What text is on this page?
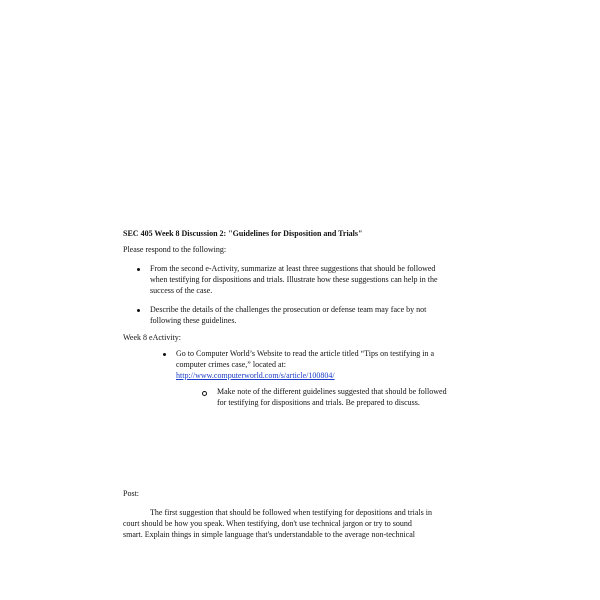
SEC 405 Week 8 Discussion 2: "Guidelines for Disposition and Trials"
Please respond to the following:
From the second e-Activity, summarize at least three suggestions that should be followed
when testifying for dispositions and trials. Illustrate how these suggestions can help in the
success of the case.
Describe the details of the challenges the prosecution or defense team may face by not
following these guidelines.
Week 8 eActivity:
Go to Computer World’s Website to read the article titled “Tips on testifying in a
computer crimes case,” located at:
http://www.computerworld.com/s/article/100804/
Make note of the different guidelines suggested that should be followed
for testifying for dispositions and trials. Be prepared to discuss.
Post:
The first suggestion that should be followed when testifying for depositions and trials in
court should be how you speak. When testifying, don't use technical jargon or try to sound
smart. Explain things in simple language that's understandable to the average non-technical
